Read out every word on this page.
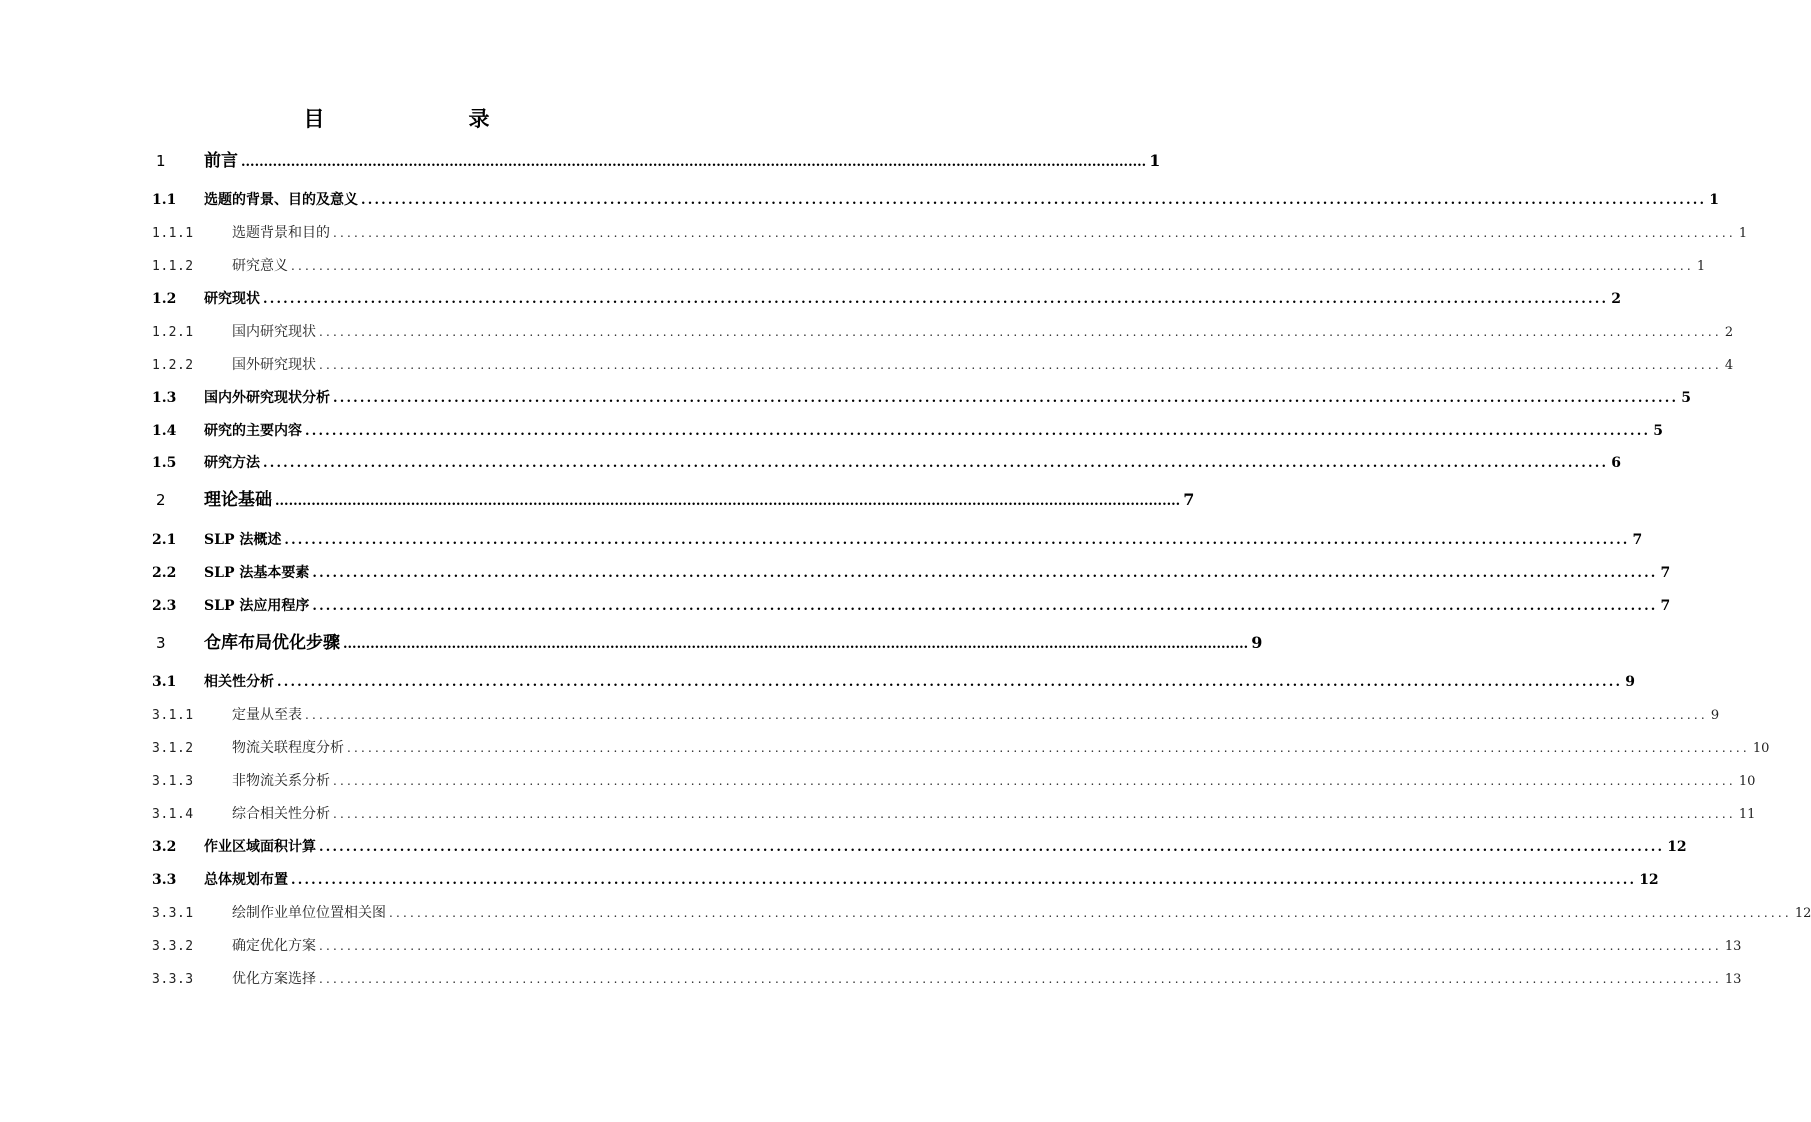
目　　录
1	前言 ........................................................................................................................................................................................................ 1
1.1	选题的背景、目的及意义 ........................................................................................................................................................................................................ 1
1.1.1	选题背景和目的 ........................................................................................................................................................................................................ 1
1.1.2	研究意义 ........................................................................................................................................................................................................ 1
1.2	研究现状 ........................................................................................................................................................................................................ 2
1.2.1	国内研究现状 ........................................................................................................................................................................................................ 2
1.2.2	国外研究现状 ........................................................................................................................................................................................................ 4
1.3	国内外研究现状分析 ........................................................................................................................................................................................................ 5
1.4	研究的主要内容 ........................................................................................................................................................................................................ 5
1.5	研究方法 ........................................................................................................................................................................................................ 6
2	理论基础 ........................................................................................................................................................................................................ 7
2.1	SLP 法概述 ........................................................................................................................................................................................................ 7
2.2	SLP 法基本要素 ........................................................................................................................................................................................................ 7
2.3	SLP 法应用程序 ........................................................................................................................................................................................................ 7
3	仓库布局优化步骤 ........................................................................................................................................................................................................ 9
3.1	相关性分析 ........................................................................................................................................................................................................ 9
3.1.1	定量从至表 ........................................................................................................................................................................................................ 9
3.1.2	物流关联程度分析 ........................................................................................................................................................................................................ 10
3.1.3	非物流关系分析 ........................................................................................................................................................................................................ 10
3.1.4	综合相关性分析 ........................................................................................................................................................................................................ 11
3.2	作业区域面积计算 ........................................................................................................................................................................................................ 12
3.3	总体规划布置 ........................................................................................................................................................................................................ 12
3.3.1	绘制作业单位位置相关图 ........................................................................................................................................................................................................ 12
3.3.2	确定优化方案 ........................................................................................................................................................................................................ 13
3.3.3	优化方案选择 ........................................................................................................................................................................................................ 13
